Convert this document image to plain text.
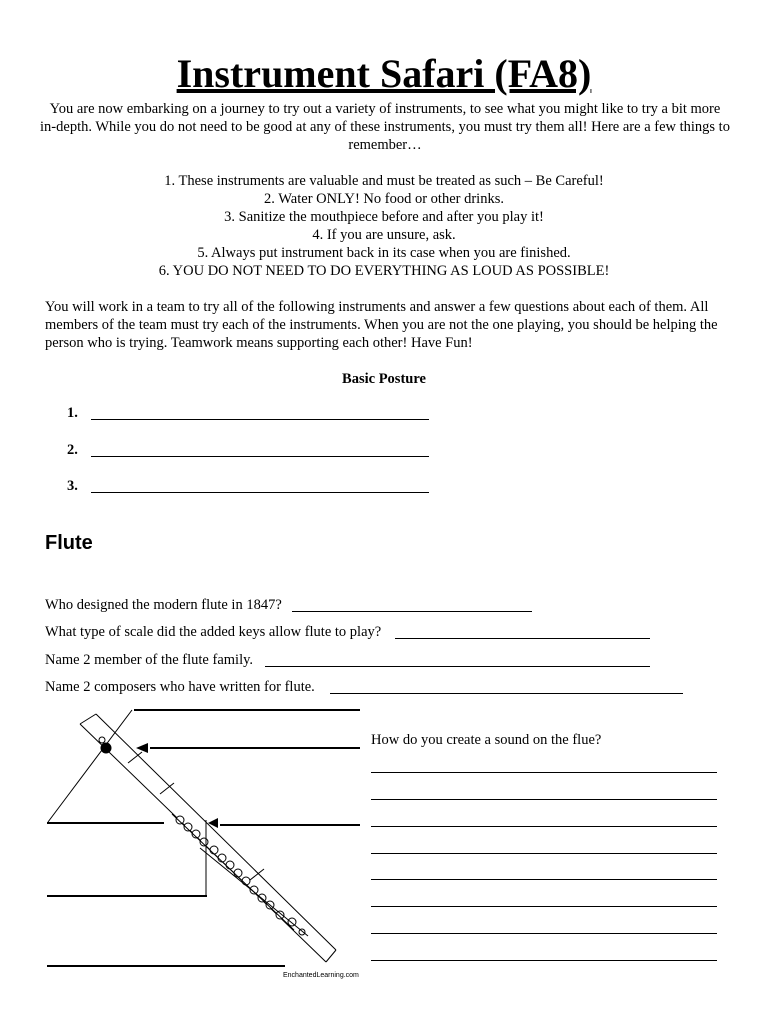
Instrument Safari (FA8)
You are now embarking on a journey to try out a variety of instruments, to see what you might like to try a bit more in-depth. While you do not need to be good at any of these instruments, you must try them all! Here are a few things to remember…
1. These instruments are valuable and must be treated as such – Be Careful!
2. Water ONLY! No food or other drinks.
3. Sanitize the mouthpiece before and after you play it!
4. If you are unsure, ask.
5. Always put instrument back in its case when you are finished.
6. YOU DO NOT NEED TO DO EVERYTHING AS LOUD AS POSSIBLE!
You will work in a team to try all of the following instruments and answer a few questions about each of them. All members of the team must try each of the instruments. When you are not the one playing, you should be helping the person who is trying. Teamwork means supporting each other! Have Fun!
Basic Posture
1.
2.
3.
Flute
Who designed the modern flute in 1847?
What type of scale did the added keys allow flute to play?
Name 2 member of the flute family.
Name 2 composers who have written for flute.
EnchantedLearning.com
How do you create a sound on the flue?
